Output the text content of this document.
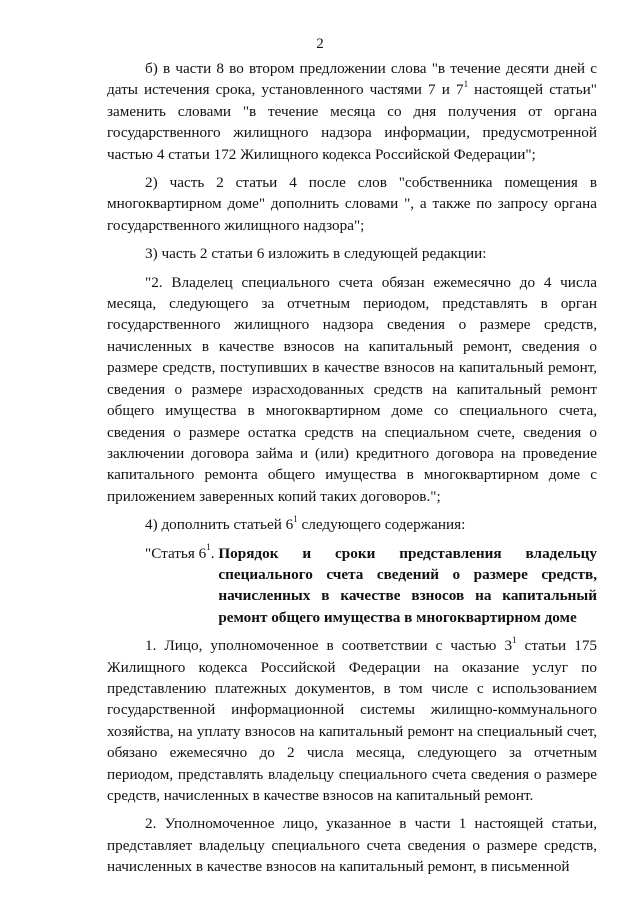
2

б) в части 8 во втором предложении слова "в течение десяти дней с даты истечения срока, установленного частями 7 и $7^1$ настоящей статьи" заменить словами "в течение месяца со дня получения от органа государственного жилищного надзора информации, предусмотренной частью 4 статьи 172 Жилищного кодекса Российской Федерации";

2) часть 2 статьи 4 после слов "собственника помещения в многоквартирном доме" дополнить словами ", а также по запросу органа государственного жилищного надзора";

3) часть 2 статьи 6 изложить в следующей редакции:

"2. Владелец специального счета обязан ежемесячно до 4 числа месяца, следующего за отчетным периодом, представлять в орган государственного жилищного надзора сведения о размере средств, начисленных в качестве взносов на капитальный ремонт, сведения о размере средств, поступивших в качестве взносов на капитальный ремонт, сведения о размере израсходованных средств на капитальный ремонт общего имущества в многоквартирном доме со специального счета, сведения о размере остатка средств на специальном счете, сведения о заключении договора займа и (или) кредитного договора на проведение капитального ремонта общего имущества в многоквартирном доме с приложением заверенных копий таких договоров.";

4) дополнить статьей $6^1$ следующего содержания:

"Статья $6^1$. Порядок и сроки представления владельцу специального счета сведений о размере средств, начисленных в качестве взносов на капитальный ремонт общего имущества в многоквартирном доме

1. Лицо, уполномоченное в соответствии с частью $3^1$ статьи 175 Жилищного кодекса Российской Федерации на оказание услуг по представлению платежных документов, в том числе с использованием государственной информационной системы жилищно-коммунального хозяйства, на уплату взносов на капитальный ремонт на специальный счет, обязано ежемесячно до 2 числа месяца, следующего за отчетным периодом, представлять владельцу специального счета сведения о размере средств, начисленных в качестве взносов на капитальный ремонт.

2. Уполномоченное лицо, указанное в части 1 настоящей статьи, представляет владельцу специального счета сведения о размере средств, начисленных в качестве взносов на капитальный ремонт, в письменной
